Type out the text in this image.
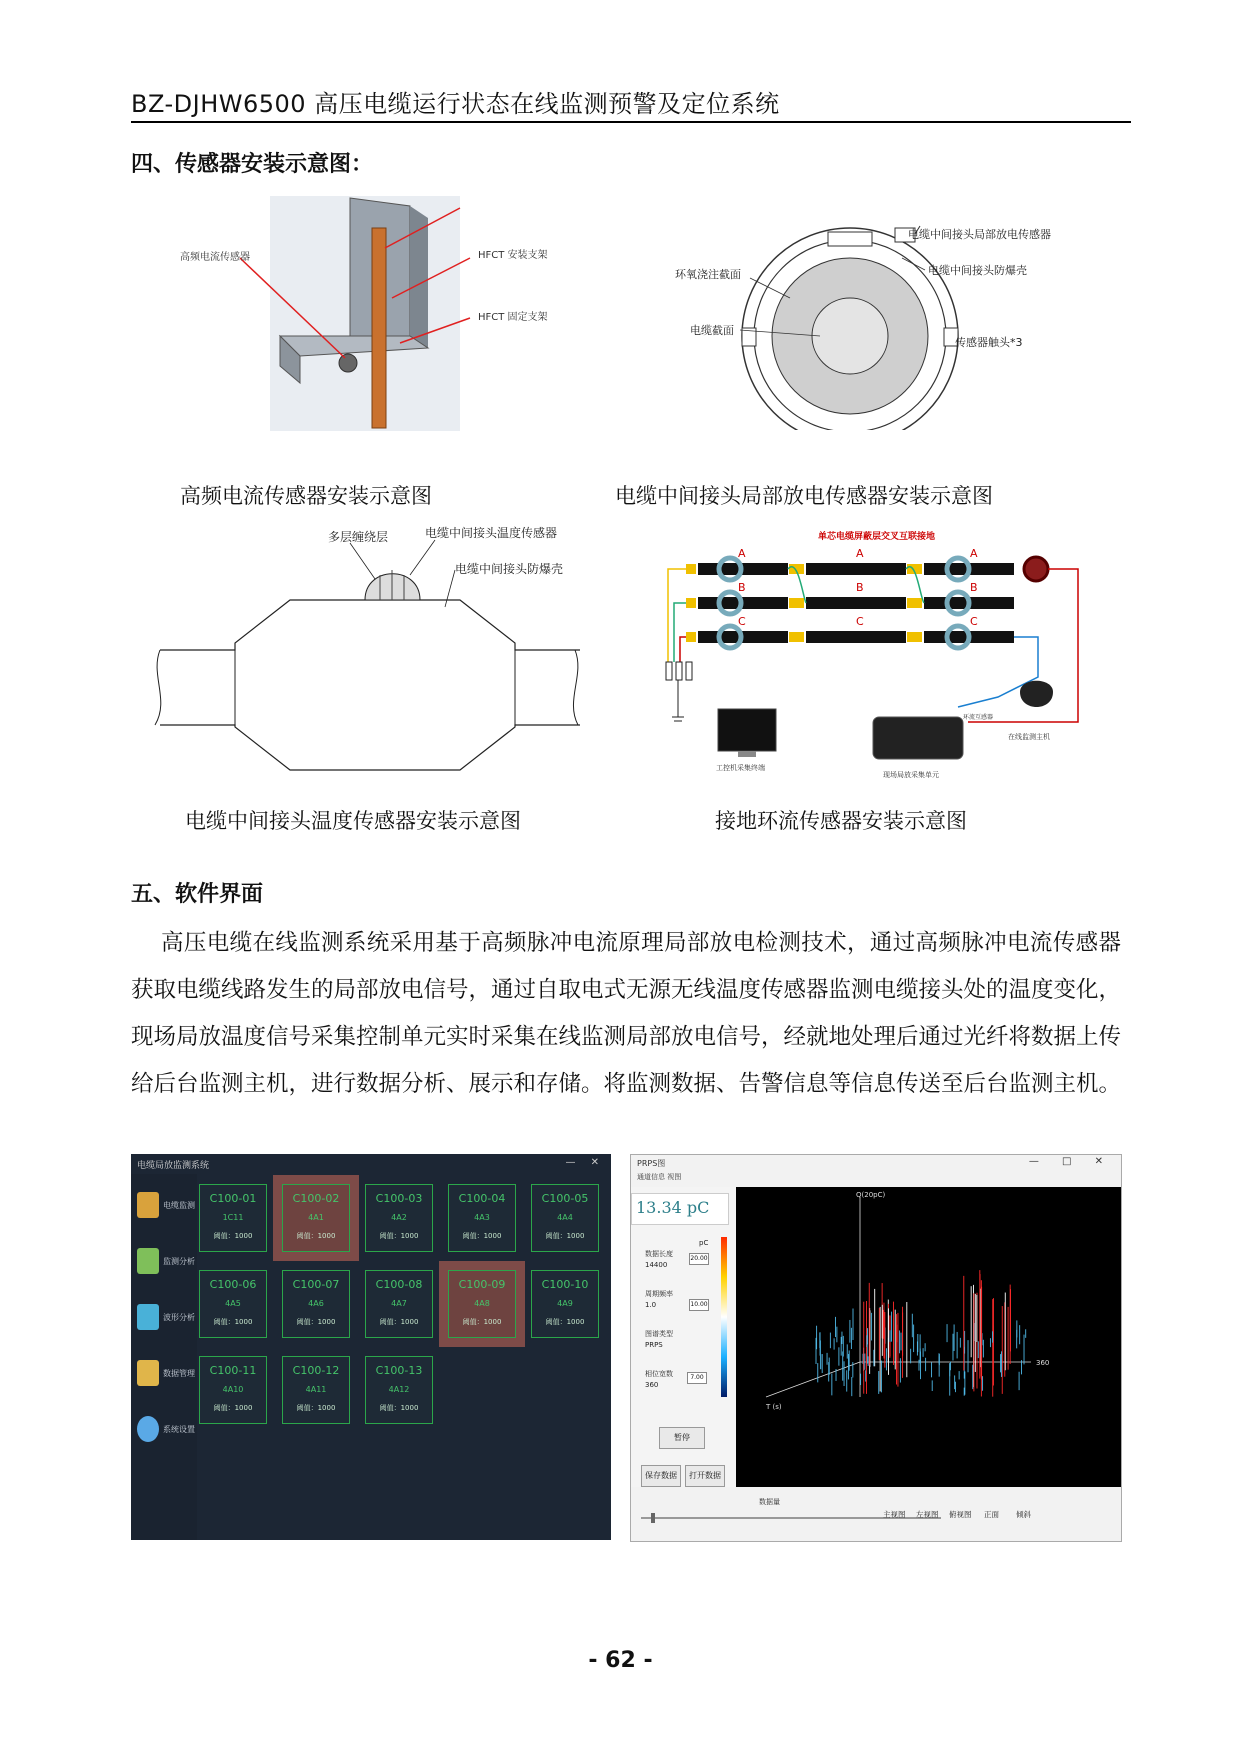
BZ-DJHW6500 高压电缆运行状态在线监测预警及定位系统
四、传感器安装示意图：
高频电流传感器	HFCT 安装支架
HFCT 固定支架
高频电流传感器安装示意图
电缆中间接头局部放电传感器
环氧浇注截面	电缆中间接头防爆壳
电缆截面
传感器触头*3
电缆中间接头局部放电传感器安装示意图
多层缠绕层	电缆中间接头温度传感器
电缆中间接头防爆壳
电缆中间接头温度传感器安装示意图
单芯电缆屏蔽层交叉互联接地
A	A	A
B	B	B
C	C	C
环流互感器
工控机采集终端
现场局放采集单元
在线监测主机
接地环流传感器安装示意图
五、软件界面
高压电缆在线监测系统采用基于高频脉冲电流原理局部放电检测技术，通过高频脉冲电流传感器获取电缆线路发生的局部放电信号，通过自取电式无源无线温度传感器监测电缆接头处的温度变化，现场局放温度信号采集控制单元实时采集在线监测局部放电信号，经就地处理后通过光纤将数据上传给后台监测主机，进行数据分析、展示和存储。将监测数据、告警信息等信息传送至后台监测主机。
电缆局放监测系统	— ✕
电缆监测
监测分析
波形分析
数据管理
系统设置
C100-01
1C11
阈值：1000
C100-02
4A1
阈值：1000
C100-03
4A2
阈值：1000
C100-04
4A3
阈值：1000
C100-05
4A4
阈值：1000
C100-06
4A5
阈值：1000
C100-07
4A6
阈值：1000
C100-08
4A7
阈值：1000
C100-09
4A8
阈值：1000
C100-10
4A9
阈值：1000
C100-11
4A10
阈值：1000
C100-12
4A11
阈值：1000
C100-13
4A12
阈值：1000
PRPS图	— □ ✕
通道信息 视图
13.34 pC
pC
数据长度
14400
20.00
周期频率
1.0	10.00
图谱类型
PRPS
相位宽数
360
7.00
暂停
保存数据	打开数据
Q(20pC)
360
T (s)
数据量
主视图 左视图 俯视图 正面 倾斜
- 62 -
